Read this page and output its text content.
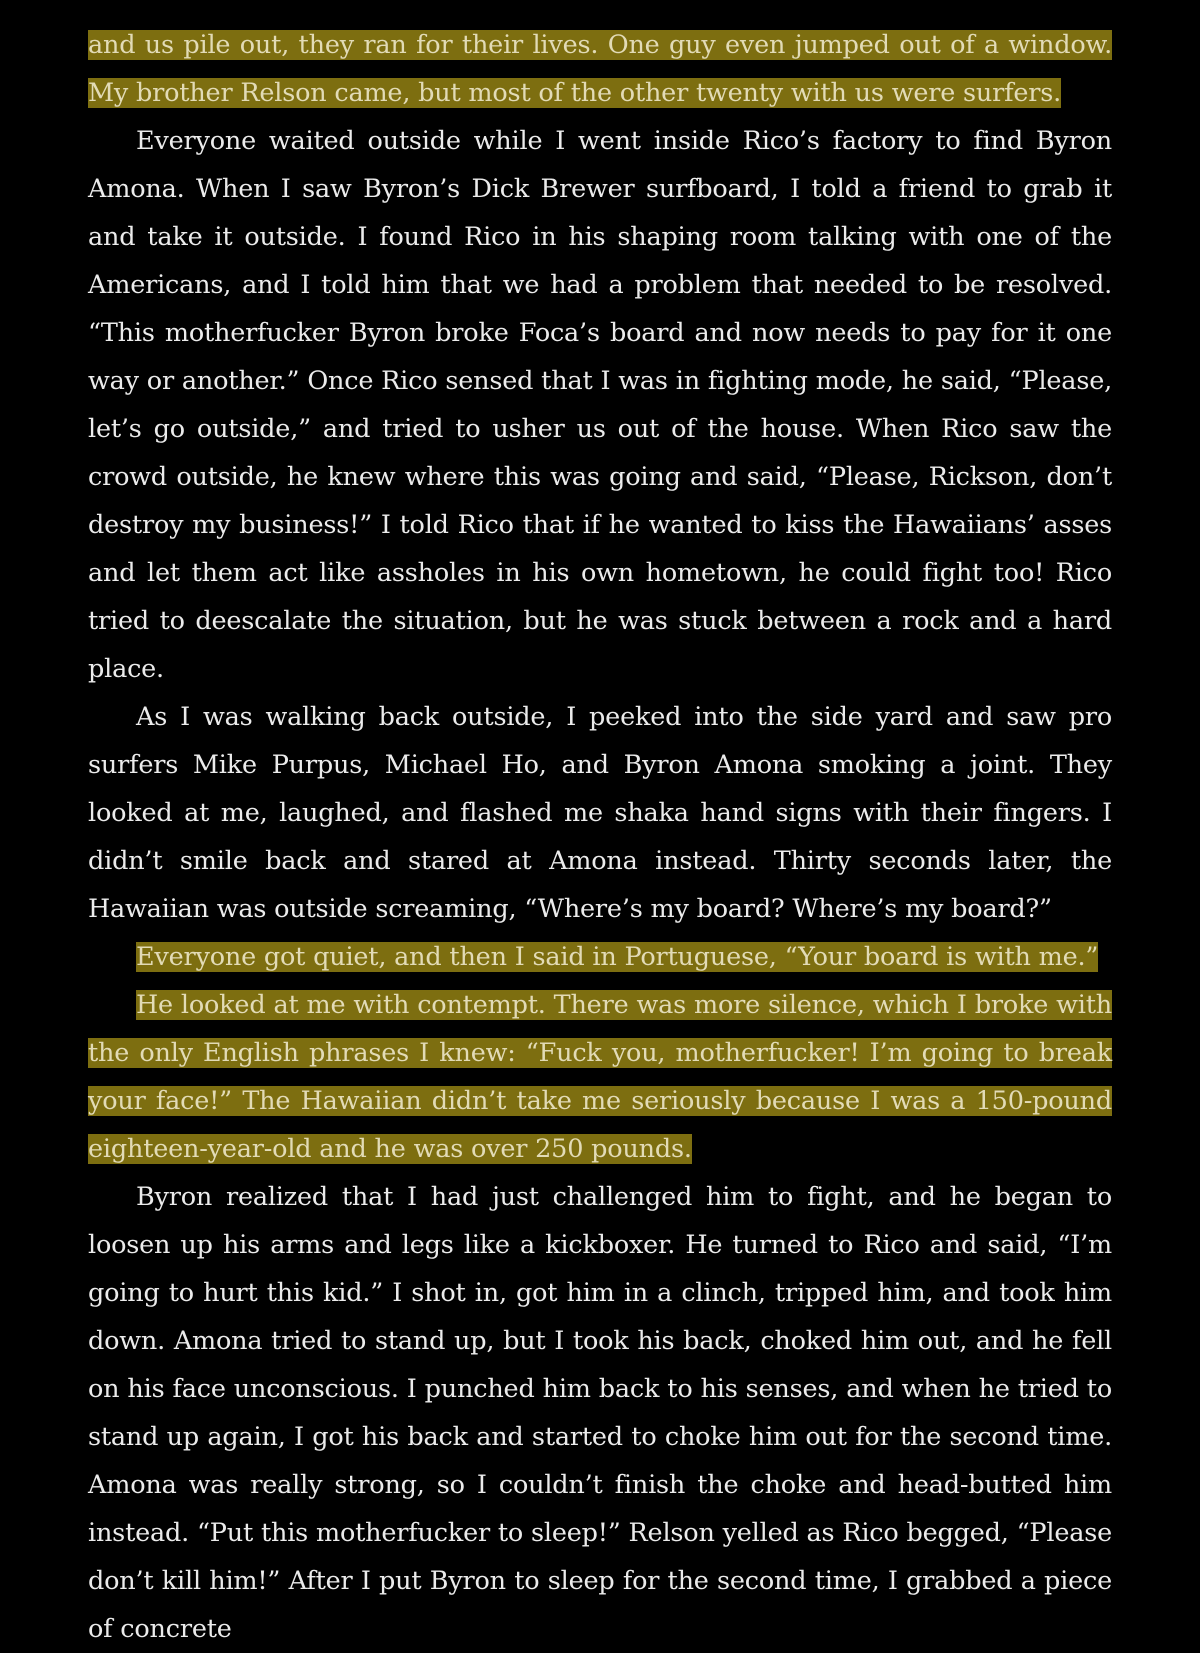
and us pile out, they ran for their lives. One guy even jumped out of a window. My brother Relson came, but most of the other twenty with us were surfers.

Everyone waited outside while I went inside Rico’s factory to find Byron Amona. When I saw Byron’s Dick Brewer surfboard, I told a friend to grab it and take it outside. I found Rico in his shaping room talking with one of the Americans, and I told him that we had a problem that needed to be resolved. “This motherfucker Byron broke Foca’s board and now needs to pay for it one way or another.” Once Rico sensed that I was in fighting mode, he said, “Please, let’s go outside,” and tried to usher us out of the house. When Rico saw the crowd outside, he knew where this was going and said, “Please, Rickson, don’t destroy my business!” I told Rico that if he wanted to kiss the Hawaiians’ asses and let them act like assholes in his own hometown, he could fight too! Rico tried to deescalate the situation, but he was stuck between a rock and a hard place.

As I was walking back outside, I peeked into the side yard and saw pro surfers Mike Purpus, Michael Ho, and Byron Amona smoking a joint. They looked at me, laughed, and flashed me shaka hand signs with their fingers. I didn’t smile back and stared at Amona instead. Thirty seconds later, the Hawaiian was outside screaming, “Where’s my board? Where’s my board?”

Everyone got quiet, and then I said in Portuguese, “Your board is with me.”

He looked at me with contempt. There was more silence, which I broke with the only English phrases I knew: “Fuck you, motherfucker! I’m going to break your face!” The Hawaiian didn’t take me seriously because I was a 150-pound eighteen-year-old and he was over 250 pounds.

Byron realized that I had just challenged him to fight, and he began to loosen up his arms and legs like a kickboxer. He turned to Rico and said, “I’m going to hurt this kid.” I shot in, got him in a clinch, tripped him, and took him down. Amona tried to stand up, but I took his back, choked him out, and he fell on his face unconscious. I punched him back to his senses, and when he tried to stand up again, I got his back and started to choke him out for the second time. Amona was really strong, so I couldn’t finish the choke and head-butted him instead. “Put this motherfucker to sleep!” Relson yelled as Rico begged, “Please don’t kill him!” After I put Byron to sleep for the second time, I grabbed a piece of concrete
